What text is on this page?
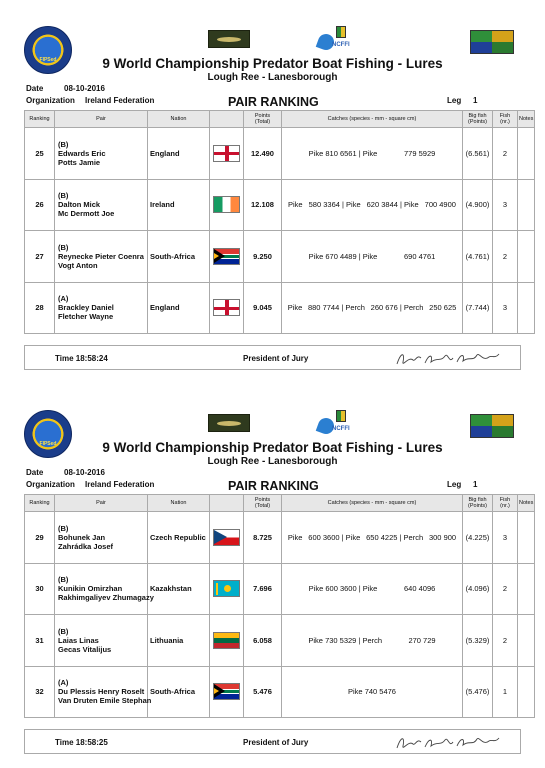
FIPSed
NCFFI
9 World Championship Predator Boat Fishing - Lures
Lough Ree - Lanesborough
Date	08-10-2016
Organization Ireland Federation	PAIR RANKING	Leg 1
Ranking	Pair	Nation		Points
(Total)	Catches (species - mm - square cm)	Big fish
(Points)	Fish
(nr.)	Notes
25	(B)
Edwards Eric
Potts Jamie	England		12.490	Pike 810 6561 | Pike 779 5929	(6.561)	2	
26	(B)
Dalton Mick
Mc Dermott Joe	Ireland		12.108	Pike 580 3364 | Pike 620 3844 | Pike 700 4900	(4.900)	3	
27	(B)
Reynecke Pieter Coenra
Vogt Anton	South-Africa		9.250	Pike 670 4489 | Pike 690 4761	(4.761)	2	
28	(A)
Brackley Daniel
Fletcher Wayne	England		9.045	Pike 880 7744 | Perch 260 676 | Perch 250 625	(7.744)	3	
Time 18:58:24	President of Jury
FIPSed
NCFFI
9 World Championship Predator Boat Fishing - Lures
Lough Ree - Lanesborough
Date	08-10-2016
Organization Ireland Federation	PAIR RANKING	Leg 1
Ranking	Pair	Nation		Points
(Total)	Catches (species - mm - square cm)	Big fish
(Points)	Fish
(nr.)	Notes
29	(B)
Bohunek Jan
Zahrádka Josef	Czech Republic		8.725	Pike 600 3600 | Pike 650 4225 | Perch 300 900	(4.225)	3	
30	(B)
Kunikin Omirzhan
Rakhimgaliyev Zhumagazy	Kazakhstan		7.696	Pike 600 3600 | Pike 640 4096	(4.096)	2	
31	(B)
Laias Linas
Gecas Vitalijus	Lithuania		6.058	Pike 730 5329 | Perch 270 729	(5.329)	2	
32	(A)
Du Plessis Henry Roselt
Van Druten Emile Stephan	South-Africa		5.476	Pike 740 5476	(5.476)	1	
Time 18:58:25	President of Jury
